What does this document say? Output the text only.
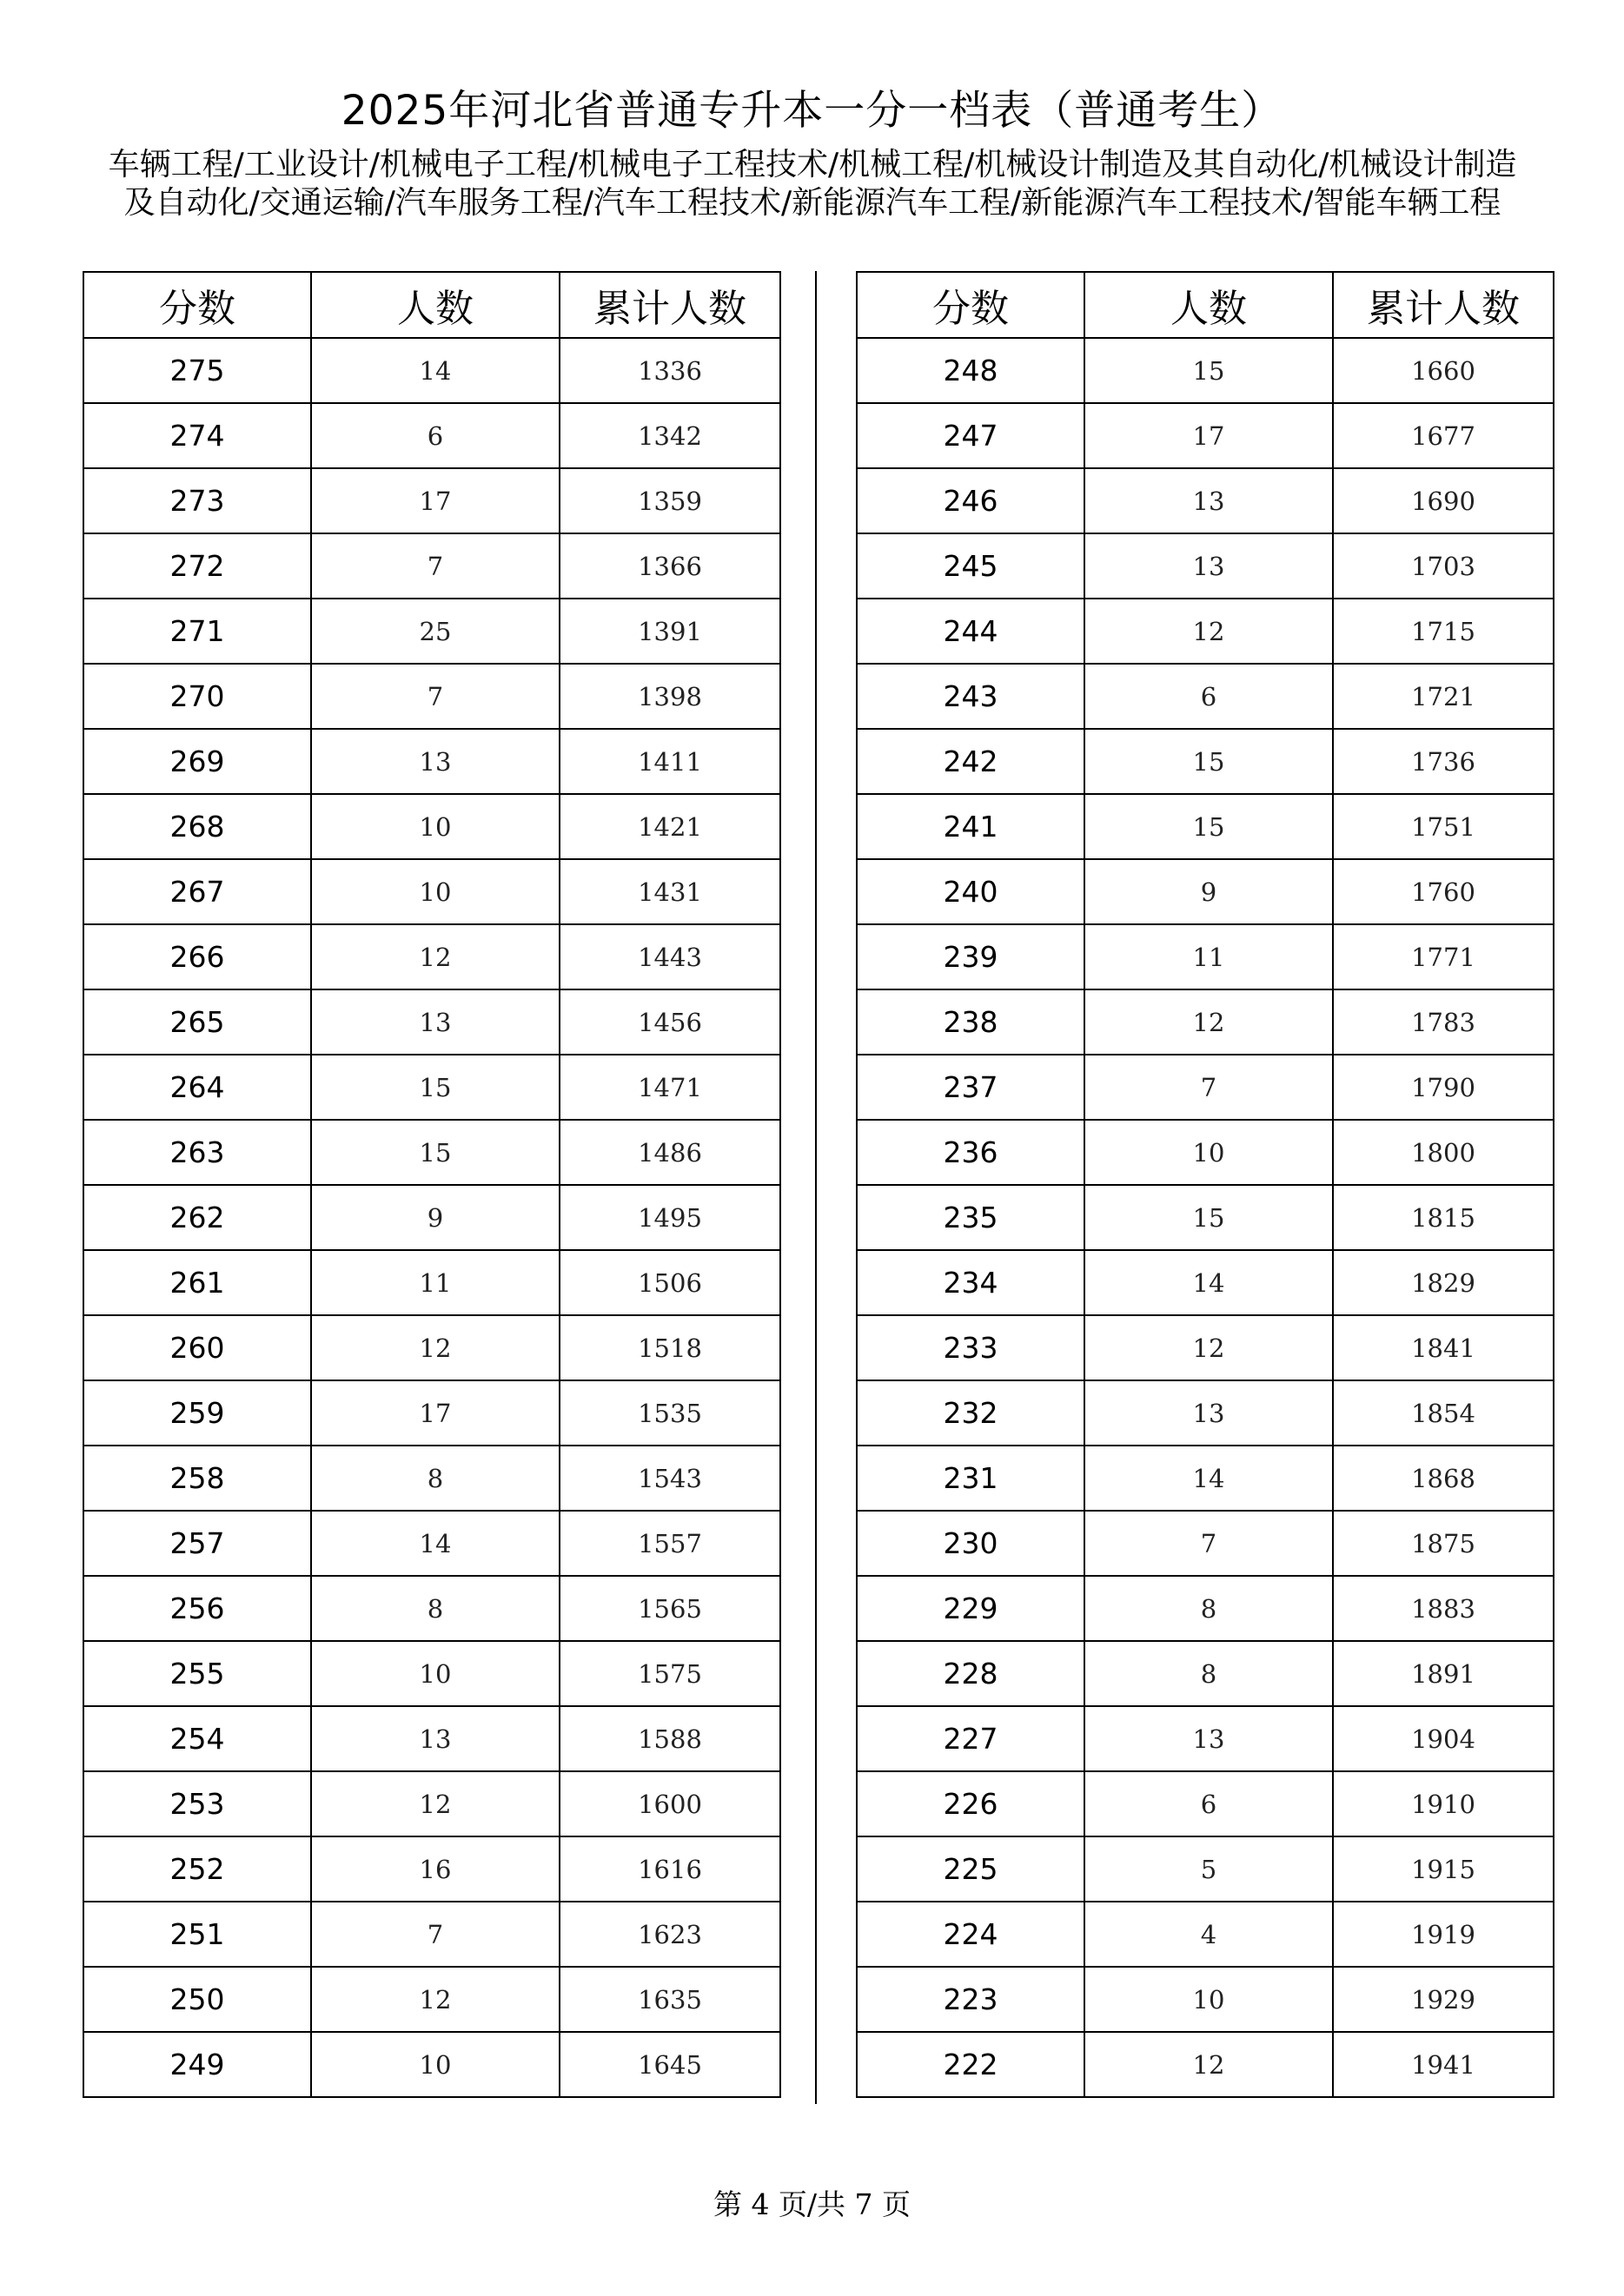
2025年河北省普通专升本一分一档表（普通考生）
车辆工程/工业设计/机械电子工程/机械电子工程技术/机械工程/机械设计制造及其自动化/机械设计制造及自动化/交通运输/汽车服务工程/汽车工程技术/新能源汽车工程/新能源汽车工程技术/智能车辆工程
分数	人数	累计人数
275	14	1336
274	6	1342
273	17	1359
272	7	1366
271	25	1391
270	7	1398
269	13	1411
268	10	1421
267	10	1431
266	12	1443
265	13	1456
264	15	1471
263	15	1486
262	9	1495
261	11	1506
260	12	1518
259	17	1535
258	8	1543
257	14	1557
256	8	1565
255	10	1575
254	13	1588
253	12	1600
252	16	1616
251	7	1623
250	12	1635
249	10	1645
分数	人数	累计人数
248	15	1660
247	17	1677
246	13	1690
245	13	1703
244	12	1715
243	6	1721
242	15	1736
241	15	1751
240	9	1760
239	11	1771
238	12	1783
237	7	1790
236	10	1800
235	15	1815
234	14	1829
233	12	1841
232	13	1854
231	14	1868
230	7	1875
229	8	1883
228	8	1891
227	13	1904
226	6	1910
225	5	1915
224	4	1919
223	10	1929
222	12	1941
第 4 页/共 7 页
